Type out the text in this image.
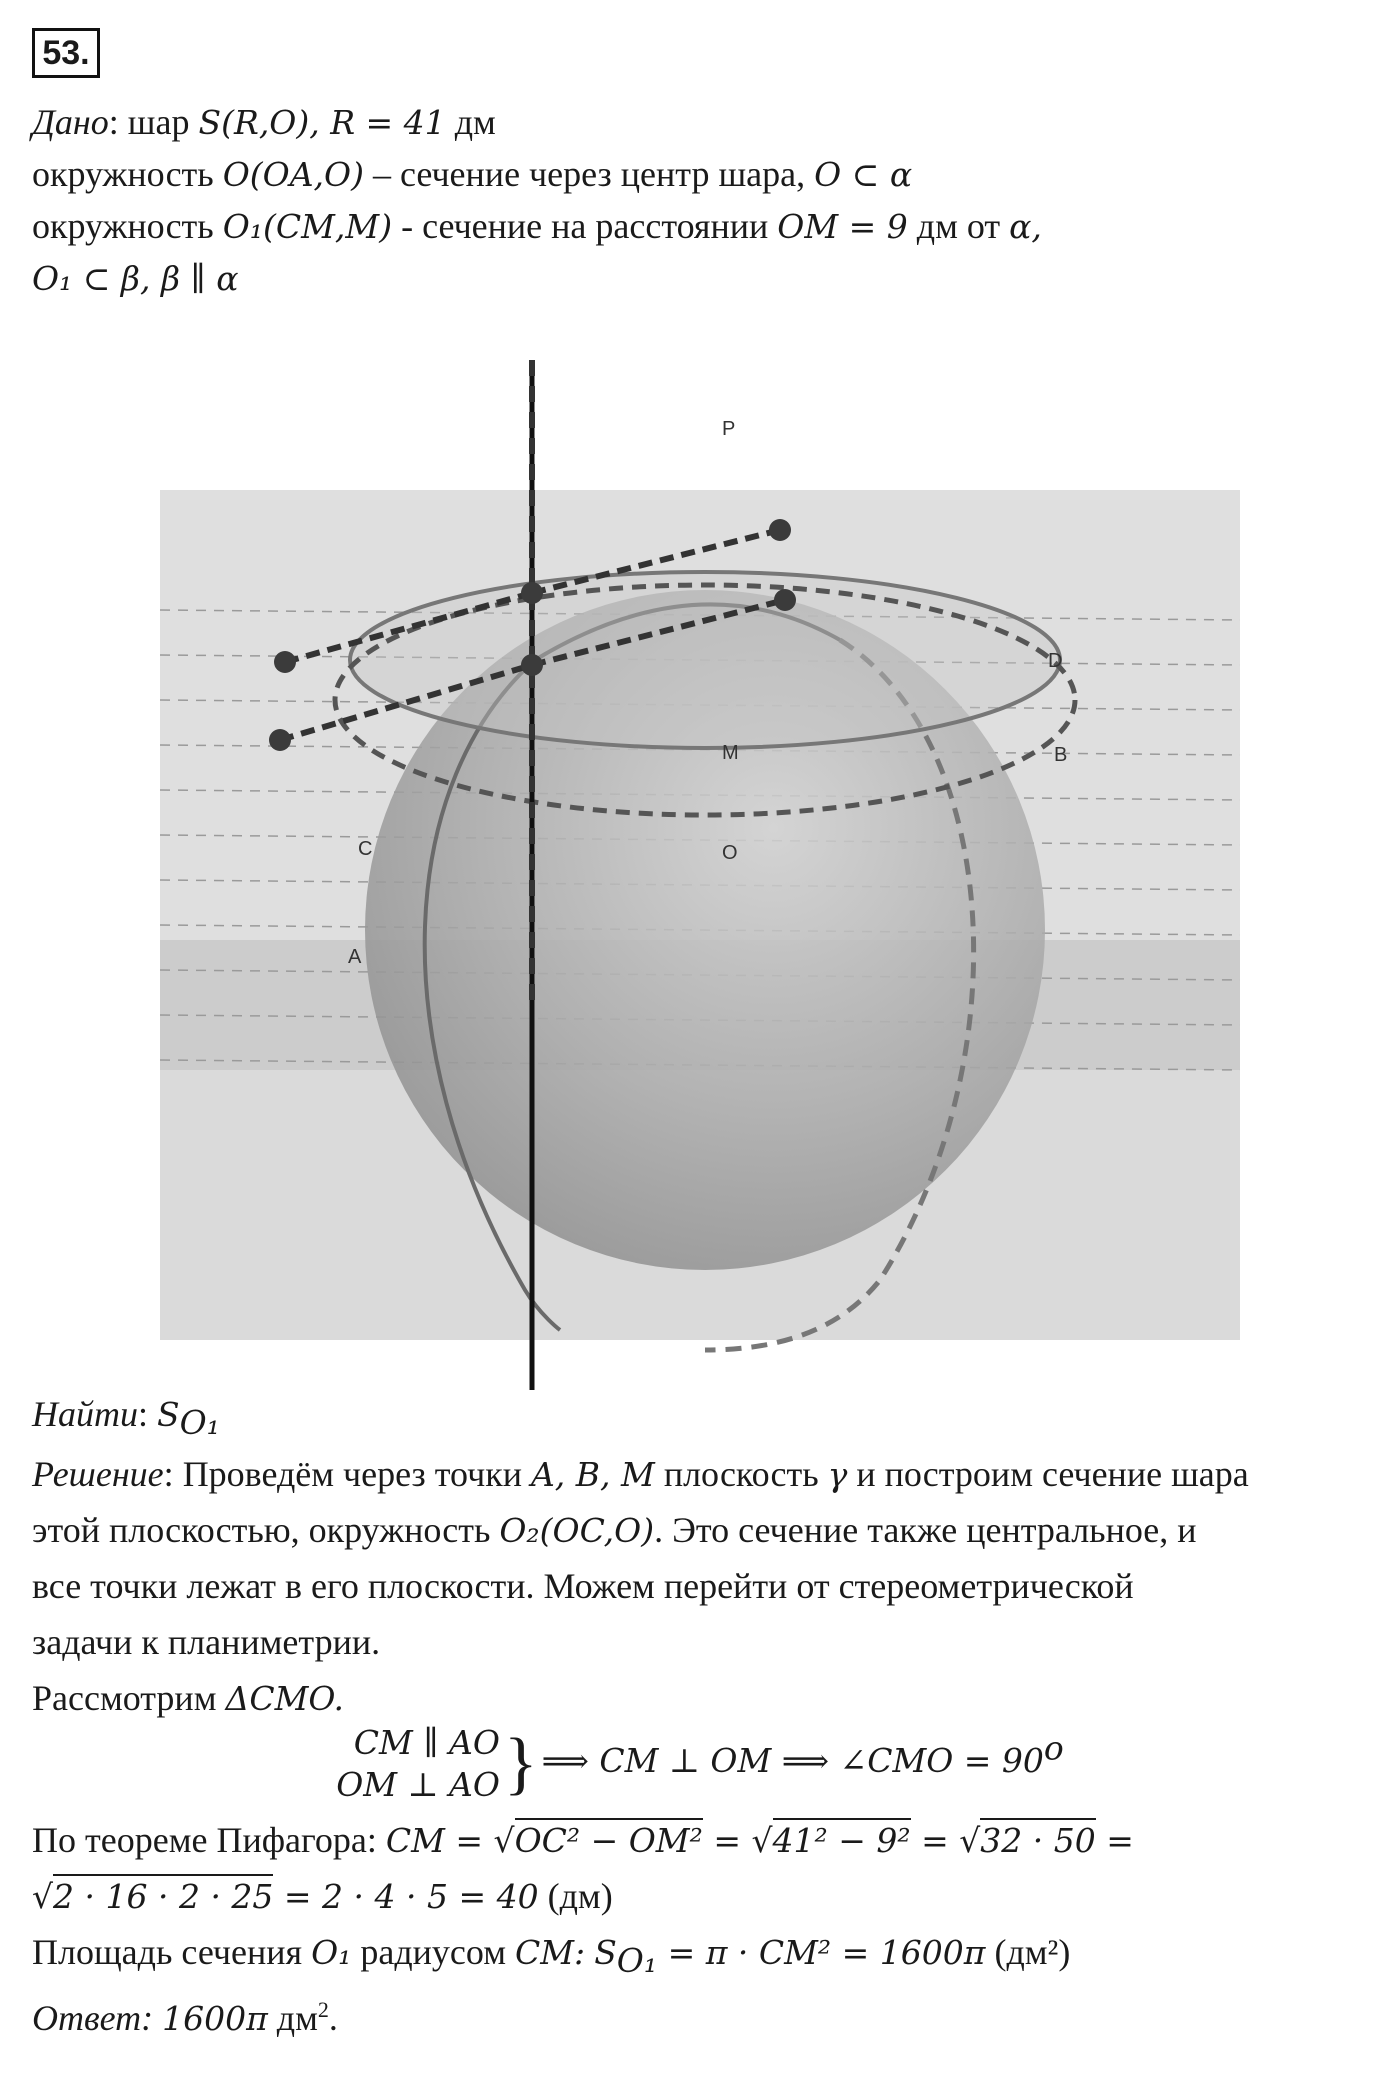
53.
Дано: шар S(R,O), R = 41 дм
окружность O(OA,O) – сечение через центр шара, O ⊂ α
окружность O₁(CM,M) - сечение на расстоянии OM = 9 дм от α,
O₁ ⊂ β, β ∥ α
P
D
M	B
C	O
A
Найти: $S_{O_1}$
Решение: Проведём через точки A, B, M плоскость γ и построим сечение шара
этой плоскостью, окружность O₂(OC,O). Это сечение также центральное, и
все точки лежат в его плоскости. Можем перейти от стереометрической
задачи к планиметрии.
Рассмотрим ΔCMO.
CM ∥ AO
OM ⊥ AO} ⟹ CM ⊥ OM ⟹ ∠CMO = $90^o$
По теореме Пифагора: CM = √OC² − OM² = √41² − 9² = √32 · 50 =
√2 · 16 · 2 · 25 = 2 · 4 · 5 = 40 (дм)
Площадь сечения O₁ радиусом CM: $S_{O_1} = \pi \cdot CM^2 = 1600\pi$ (дм²)
Ответ: 1600π $дм^2$.
